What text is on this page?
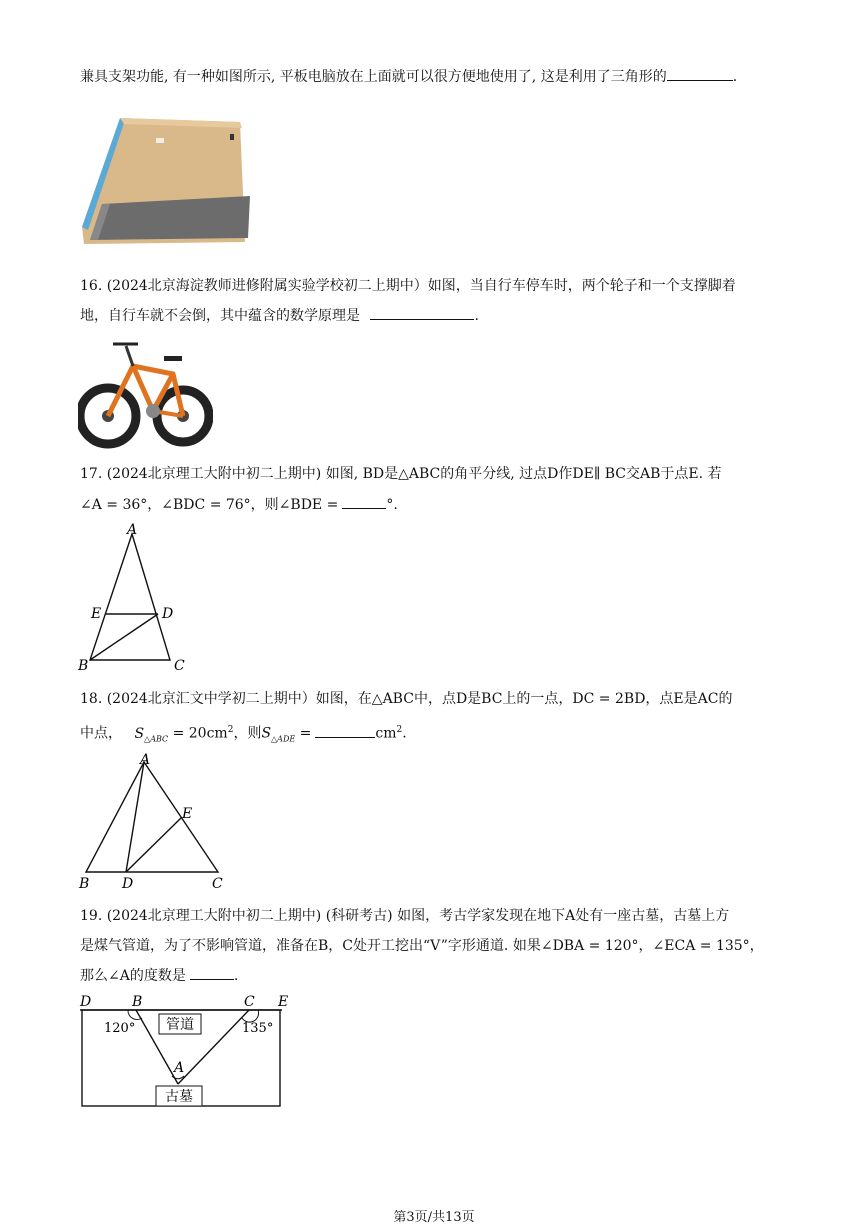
兼具支架功能, 有一种如图所示, 平板电脑放在上面就可以很方便地使用了, 这是利用了三角形的	.
16. (2024北京海淀教师进修附属实验学校初二上期中）如图，当自行车停车时，两个轮子和一个支撑脚着
地，自行车就不会倒，其中蕴含的数学原理是	.
17. (2024北京理工大附中初二上期中) 如图, BD是△ABC的角平分线, 过点D作DE∥ BC交AB于点E. 若
∠A = 36°，∠BDC = 76°，则∠BDE =	°.
A
E	D
B	C
18. (2024北京汇文中学初二上期中）如图，在△ABC中，点D是BC上的一点，DC = 2BD，点E是AC的
中点， $S_{\triangle ABC} = 20cm^2$，则$S_{\triangle ADE}$ =	$cm^2$.
A
E
B D	C
19. (2024北京理工大附中初二上期中) (科研考古) 如图，考古学家发现在地下A处有一座古墓，古墓上方
是煤气管道，为了不影响管道，准备在B，C处开工挖出“V”字形通道. 如果∠DBA = 120°，∠ECA = 135°，
那么∠A的度数是	.
管道
古墓
D	B	C E
A
120°	135°
第3页/共13页
